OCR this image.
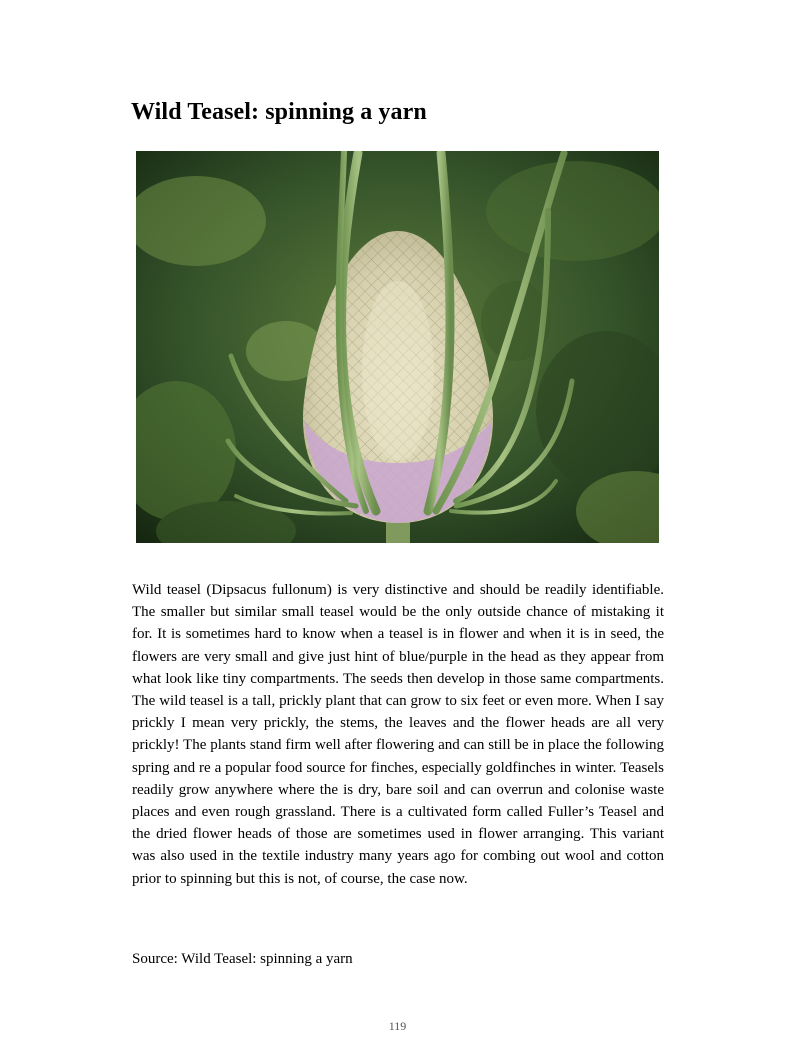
Wild Teasel: spinning a yarn

Wild teasel (Dipsacus fullonum) is very distinctive and should be readily identifiable. The smaller but similar small teasel would be the only outside chance of mistaking it for. It is sometimes hard to know when a teasel is in flower and when it is in seed, the flowers are very small and give just hint of blue/purple in the head as they appear from what look like tiny compartments. The seeds then develop in those same compartments. The wild teasel is a tall, prickly plant that can grow to six feet or even more. When I say prickly I mean very prickly, the stems, the leaves and the flower heads are all very prickly! The plants stand firm well after flowering and can still be in place the following spring and re a popular food source for finches, especially goldfinches in winter. Teasels readily grow anywhere where the is dry, bare soil and can overrun and colonise waste places and even rough grassland. There is a cultivated form called Fuller’s Teasel and the dried flower heads of those are sometimes used in flower arranging. This variant was also used in the textile industry many years ago for combing out wool and cotton prior to spinning but this is not, of course, the case now.

Source: Wild Teasel: spinning a yarn

119
